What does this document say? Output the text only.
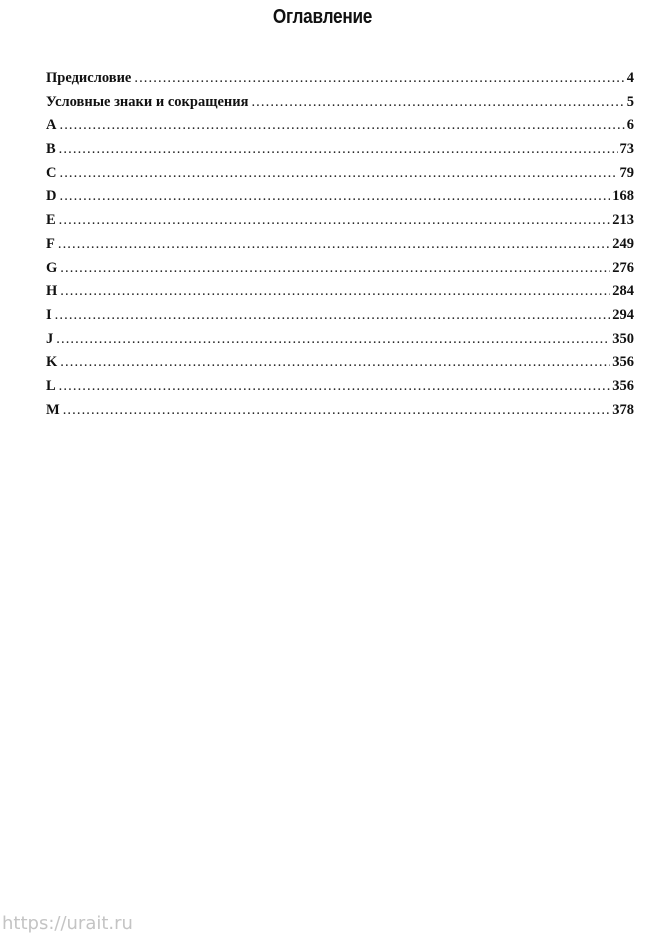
Оглавление
Предисловие .....	4
Условные знаки и сокращения .....	5
A .....	6
B .....	73
C .....	79
D .....	168
E .....	213
F .....	249
G .....	276
H .....	284
I .....	294
J .....	350
K .....	356
L .....	356
M .....	378
https://urait.ru
